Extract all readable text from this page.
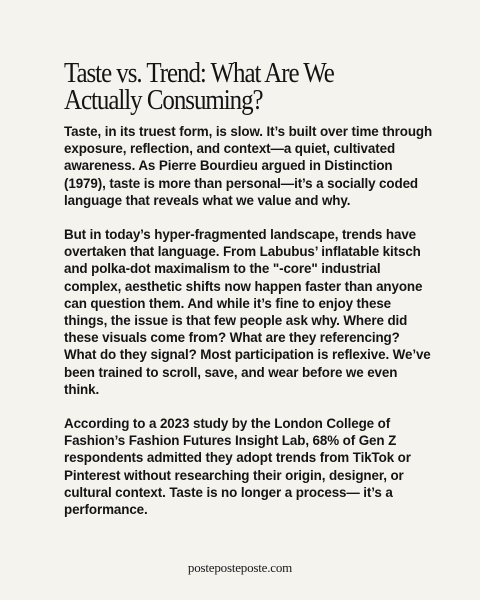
Taste vs. Trend: What Are We
Actually Consuming?

Taste, in its truest form, is slow. It’s built over time through exposure, reflection, and context—a quiet, cultivated awareness. As Pierre Bourdieu argued in Distinction (1979), taste is more than personal—it’s a socially coded language that reveals what we value and why.

But in today’s hyper-fragmented landscape, trends have overtaken that language. From Labubus’ inflatable kitsch and polka-dot maximalism to the "-core" industrial complex, aesthetic shifts now happen faster than anyone can question them. And while it’s fine to enjoy these things, the issue is that few people ask why. Where did these visuals come from? What are they referencing? What do they signal? Most participation is reflexive. We’ve been trained to scroll, save, and wear before we even think.

According to a 2023 study by the London College of Fashion’s Fashion Futures Insight Lab, 68% of Gen Z respondents admitted they adopt trends from TikTok or Pinterest without researching their origin, designer, or cultural context. Taste is no longer a process— it’s a performance.

posteposteposte.com
